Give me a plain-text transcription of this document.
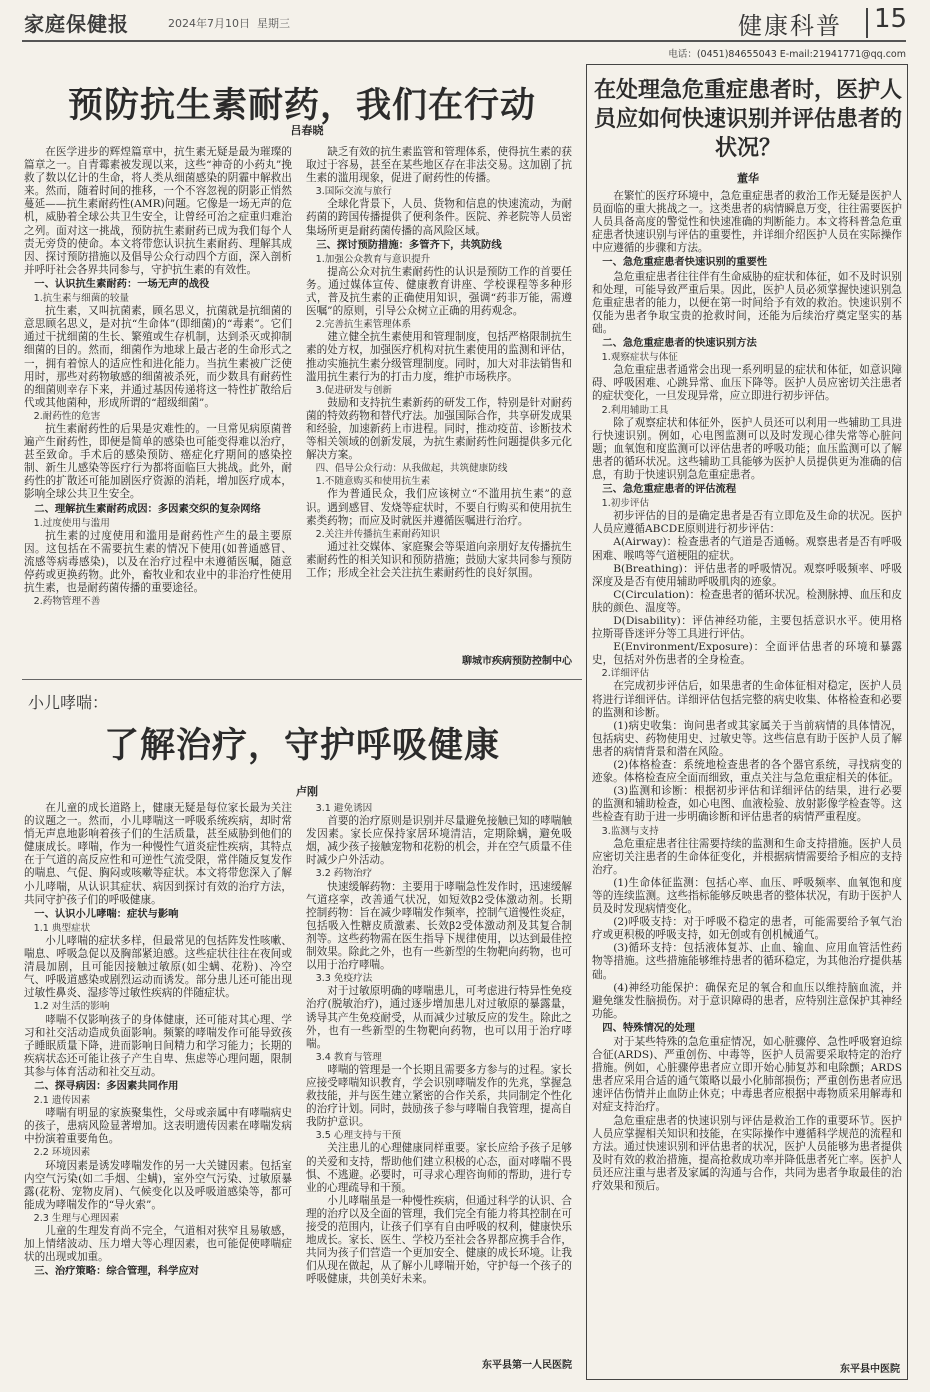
家庭保健报	2024年7月10日 星期三	健康科普 15
电话：(0451)84655043 E-mail:21941771@qq.com
预防抗生素耐药，我们在行动
吕春晓

在医学进步的辉煌篇章中，抗生素无疑是最为璀璨的篇章之一。自青霉素被发现以来，这些“神奇的小药丸”挽救了数以亿计的生命，将人类从细菌感染的阴霾中解救出来。然而，随着时间的推移，一个不容忽视的阴影正悄然蔓延——抗生素耐药性(AMR)问题。它像是一场无声的危机，威胁着全球公共卫生安全，让曾经可治之症重归难治之列。面对这一挑战，预防抗生素耐药已成为我们每个人责无旁贷的使命。本文将带您认识抗生素耐药、理解其成因、探讨预防措施以及倡导公众行动四个方面，深入剖析并呼吁社会各界共同参与，守护抗生素的有效性。

一、认识抗生素耐药：一场无声的战役
1.抗生素与细菌的较量

抗生素，又叫抗菌素，顾名思义，抗菌就是抗细菌的意思顾名思义，是对抗“生命体”(即细菌)的“毒素”。它们通过干扰细菌的生长、繁殖或生存机制，达到杀灭或抑制细菌的目的。然而，细菌作为地球上最古老的生命形式之一，拥有着惊人的适应性和进化能力。当抗生素被广泛使用时，那些对药物敏感的细菌被杀死，而少数具有耐药性的细菌则幸存下来，并通过基因传递将这一特性扩散给后代或其他菌种，形成所谓的“超级细菌”。

2.耐药性的危害

抗生素耐药性的后果是灾难性的。一旦常见病原菌普遍产生耐药性，即便是简单的感染也可能变得难以治疗，甚至致命。手术后的感染预防、癌症化疗期间的感染控制、新生儿感染等医疗行为都将面临巨大挑战。此外，耐药性的扩散还可能加剧医疗资源的消耗，增加医疗成本，影响全球公共卫生安全。

二、理解抗生素耐药成因：多因素交织的复杂网络
1.过度使用与滥用

抗生素的过度使用和滥用是耐药性产生的最主要原因。这包括在不需要抗生素的情况下使用(如普通感冒、流感等病毒感染)，以及在治疗过程中未遵循医嘱，随意停药或更换药物。此外，畜牧业和农业中的非治疗性使用抗生素，也是耐药菌传播的重要途径。

2.药物管理不善

缺乏有效的抗生素监管和管理体系，使得抗生素的获取过于容易，甚至在某些地区存在非法交易。这加剧了抗生素的滥用现象，促进了耐药性的传播。

3.国际交流与旅行

全球化背景下，人员、货物和信息的快速流动，为耐药菌的跨国传播提供了便利条件。医院、养老院等人员密集场所更是耐药菌传播的高风险区域。

三、探讨预防措施：多管齐下，共筑防线
1.加强公众教育与意识提升

提高公众对抗生素耐药性的认识是预防工作的首要任务。通过媒体宣传、健康教育讲座、学校课程等多种形式，普及抗生素的正确使用知识，强调“药非万能，需遵医嘱”的原则，引导公众树立正确的用药观念。

2.完善抗生素管理体系

建立健全抗生素使用和管理制度，包括严格限制抗生素的处方权，加强医疗机构对抗生素使用的监测和评估，推动实施抗生素分级管理制度。同时，加大对非法销售和滥用抗生素行为的打击力度，维护市场秩序。

3.促进研发与创新

鼓励和支持抗生素新药的研发工作，特别是针对耐药菌的特效药物和替代疗法。加强国际合作，共享研发成果和经验，加速新药上市进程。同时，推动疫苗、诊断技术等相关领域的创新发展，为抗生素耐药性问题提供多元化解决方案。

四、倡导公众行动：从我做起，共筑健康防线
1.不随意购买和使用抗生素

作为普通民众，我们应该树立“不滥用抗生素”的意识。遇到感冒、发烧等症状时，不要自行购买和使用抗生素类药物；而应及时就医并遵循医嘱进行治疗。

2.关注并传播抗生素耐药知识

通过社交媒体、家庭聚会等渠道向亲朋好友传播抗生素耐药性的相关知识和预防措施；鼓励大家共同参与预防工作；形成全社会关注抗生素耐药性的良好氛围。

聊城市疾病预防控制中心
小儿哮喘：
了解治疗，守护呼吸健康
卢刚

在儿童的成长道路上，健康无疑是每位家长最为关注的议题之一。然而，小儿哮喘这一呼吸系统疾病，却时常悄无声息地影响着孩子们的生活质量，甚至威胁到他们的健康成长。哮喘，作为一种慢性气道炎症性疾病，其特点在于气道的高反应性和可逆性气流受限，常伴随反复发作的喘息、气促、胸闷或咳嗽等症状。本文将带您深入了解小儿哮喘，从认识其症状、病因到探讨有效的治疗方法，共同守护孩子们的呼吸健康。

一、认识小儿哮喘：症状与影响
1.1 典型症状

小儿哮喘的症状多样，但最常见的包括阵发性咳嗽、喘息、呼吸急促以及胸部紧迫感。这些症状往往在夜间或清晨加剧，且可能因接触过敏原(如尘螨、花粉)、冷空气、呼吸道感染或剧烈运动而诱发。部分患儿还可能出现过敏性鼻炎、湿疹等过敏性疾病的伴随症状。

1.2 对生活的影响

哮喘不仅影响孩子的身体健康，还可能对其心理、学习和社交活动造成负面影响。频繁的哮喘发作可能导致孩子睡眠质量下降，进而影响日间精力和学习能力；长期的疾病状态还可能让孩子产生自卑、焦虑等心理问题，限制其参与体育活动和社交互动。

二、探寻病因：多因素共同作用
2.1 遗传因素

哮喘有明显的家族聚集性，父母或亲属中有哮喘病史的孩子，患病风险显著增加。这表明遗传因素在哮喘发病中扮演着重要角色。

2.2 环境因素

环境因素是诱发哮喘发作的另一大关键因素。包括室内空气污染(如二手烟、尘螨)，室外空气污染、过敏原暴露(花粉、宠物皮屑)、气候变化以及呼吸道感染等，都可能成为哮喘发作的“导火索”。

2.3 生理与心理因素

儿童的生理发育尚不完全，气道相对狭窄且易敏感，加上情绪波动、压力增大等心理因素，也可能促使哮喘症状的出现或加重。

三、治疗策略：综合管理，科学应对
3.1 避免诱因

首要的治疗原则是识别并尽量避免接触已知的哮喘触发因素。家长应保持家居环境清洁，定期除螨，避免吸烟，减少孩子接触宠物和花粉的机会，并在空气质量不佳时减少户外活动。

3.2 药物治疗

快速缓解药物：主要用于哮喘急性发作时，迅速缓解气道痉挛，改善通气状况，如短效β2受体激动剂。长期控制药物：旨在减少哮喘发作频率，控制气道慢性炎症，包括吸入性糖皮质激素、长效β2受体激动剂及其复合制剂等。这些药物需在医生指导下规律使用，以达到最佳控制效果。除此之外，也有一些新型的生物靶向药物，也可以用于治疗哮喘。

3.3 免疫疗法

对于过敏原明确的哮喘患儿，可考虑进行特异性免疫治疗(脱敏治疗)，通过逐步增加患儿对过敏原的暴露量，诱导其产生免疫耐受，从而减少过敏反应的发生。除此之外，也有一些新型的生物靶向药物，也可以用于治疗哮喘。

3.4 教育与管理

哮喘的管理是一个长期且需要多方参与的过程。家长应接受哮喘知识教育，学会识别哮喘发作的先兆，掌握急救技能，并与医生建立紧密的合作关系，共同制定个性化的治疗计划。同时，鼓励孩子参与哮喘自我管理，提高自我防护意识。

3.5 心理支持与干预

关注患儿的心理健康同样重要。家长应给予孩子足够的关爱和支持，帮助他们建立积极的心态，面对哮喘不畏惧、不逃避。必要时，可寻求心理咨询师的帮助，进行专业的心理疏导和干预。

小儿哮喘虽是一种慢性疾病，但通过科学的认识、合理的治疗以及全面的管理，我们完全有能力将其控制在可接受的范围内，让孩子们享有自由呼吸的权利，健康快乐地成长。家长、医生、学校乃至社会各界都应携手合作，共同为孩子们营造一个更加安全、健康的成长环境。让我们从现在做起，从了解小儿哮喘开始，守护每一个孩子的呼吸健康，共创美好未来。

东平县第一人民医院
在处理急危重症患者时，医护人员应如何快速识别并评估患者的状况？
董华

在繁忙的医疗环境中，急危重症患者的救治工作无疑是医护人员面临的重大挑战之一。这类患者的病情瞬息万变，往往需要医护人员具备高度的警觉性和快速准确的判断能力。本文将科普急危重症患者快速识别与评估的重要性，并详细介绍医护人员在实际操作中应遵循的步骤和方法。

一、急危重症患者快速识别的重要性

急危重症患者往往伴有生命威胁的症状和体征，如不及时识别和处理，可能导致严重后果。因此，医护人员必须掌握快速识别急危重症患者的能力，以便在第一时间给予有效的救治。快速识别不仅能为患者争取宝贵的抢救时间，还能为后续治疗奠定坚实的基础。

二、急危重症患者的快速识别方法
1.观察症状与体征

急危重症患者通常会出现一系列明显的症状和体征，如意识障碍、呼吸困难、心跳异常、血压下降等。医护人员应密切关注患者的症状变化，一旦发现异常，应立即进行初步评估。

2.利用辅助工具

除了观察症状和体征外，医护人员还可以利用一些辅助工具进行快速识别。例如，心电图监测可以及时发现心律失常等心脏问题；血氧饱和度监测可以评估患者的呼吸功能；血压监测可以了解患者的循环状况。这些辅助工具能够为医护人员提供更为准确的信息，有助于快速识别急危重症患者。

三、急危重症患者的评估流程
1.初步评估

初步评估的目的是确定患者是否有立即危及生命的状况。医护人员应遵循ABCDE原则进行初步评估：

A(Airway)：检查患者的气道是否通畅。观察患者是否有呼吸困难、喉鸣等气道梗阻的症状。

B(Breathing)：评估患者的呼吸情况。观察呼吸频率、呼吸深度及是否有使用辅助呼吸肌肉的迹象。

C(Circulation)：检查患者的循环状况。检测脉搏、血压和皮肤的颜色、温度等。

D(Disability)：评估神经功能，主要包括意识水平。使用格拉斯哥昏迷评分等工具进行评估。

E(Environment/Exposure)：全面评估患者的环境和暴露史，包括对外伤患者的全身检查。

2.详细评估

在完成初步评估后，如果患者的生命体征相对稳定，医护人员将进行详细评估。详细评估包括完整的病史收集、体格检查和必要的监测和诊断。

(1)病史收集：询问患者或其家属关于当前病情的具体情况，包括病史、药物使用史、过敏史等。这些信息有助于医护人员了解患者的病情背景和潜在风险。

(2)体格检查：系统地检查患者的各个器官系统，寻找病变的迹象。体格检查应全面而细致，重点关注与急危重症相关的体征。

(3)监测和诊断：根据初步评估和详细评估的结果，进行必要的监测和辅助检查，如心电图、血液检验、放射影像学检查等。这些检查有助于进一步明确诊断和评估患者的病情严重程度。

3.监测与支持

急危重症患者往往需要持续的监测和生命支持措施。医护人员应密切关注患者的生命体征变化，并根据病情需要给予相应的支持治疗。

(1)生命体征监测：包括心率、血压、呼吸频率、血氧饱和度等的连续监测。这些指标能够反映患者的整体状况，有助于医护人员及时发现病情变化。

(2)呼吸支持：对于呼吸不稳定的患者，可能需要给予氧气治疗或更积极的呼吸支持，如无创或有创机械通气。

(3)循环支持：包括液体复苏、止血、输血、应用血管活性药物等措施。这些措施能够维持患者的循环稳定，为其他治疗提供基础。

(4)神经功能保护：确保充足的氧合和血压以维持脑血流，并避免继发性脑损伤。对于意识障碍的患者，应特别注意保护其神经功能。

四、特殊情况的处理

对于某些特殊的急危重症情况，如心脏骤停、急性呼吸窘迫综合征(ARDS)、严重创伤、中毒等，医护人员需要采取特定的治疗措施。例如，心脏骤停患者应立即开始心肺复苏和电除颤；ARDS患者应采用合适的通气策略以最小化肺部损伤；严重创伤患者应迅速评估伤情并止血防止休克；中毒患者应根据中毒物质采用解毒和对症支持治疗。

急危重症患者的快速识别与评估是救治工作的重要环节。医护人员应掌握相关知识和技能，在实际操作中遵循科学规范的流程和方法。通过快速识别和评估患者的状况，医护人员能够为患者提供及时有效的救治措施，提高抢救成功率并降低患者死亡率。医护人员还应注重与患者及家属的沟通与合作，共同为患者争取最佳的治疗效果和预后。

东平县中医院
